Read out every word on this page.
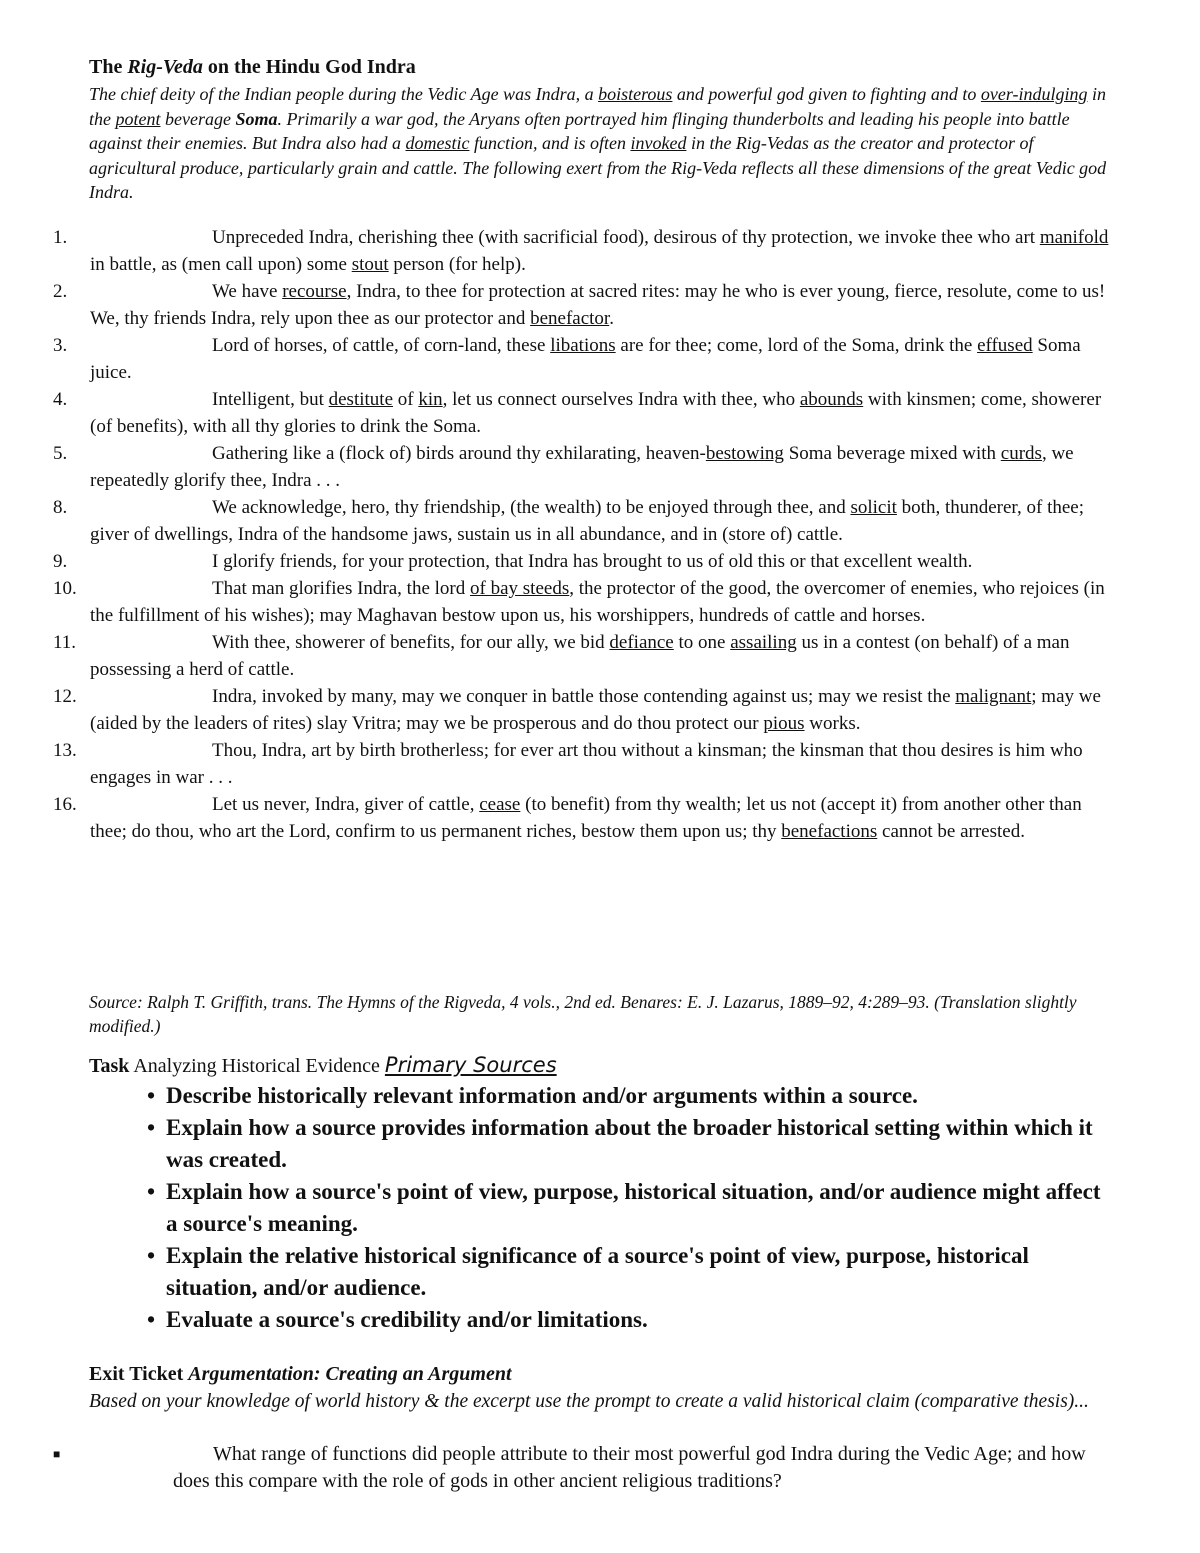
The Rig-Veda on the Hindu God Indra
The chief deity of the Indian people during the Vedic Age was Indra, a boisterous and powerful god given to fighting and to over-indulging in the potent beverage Soma. Primarily a war god, the Aryans often portrayed him flinging thunderbolts and leading his people into battle against their enemies. But Indra also had a domestic function, and is often invoked in the Rig-Vedas as the creator and protector of agricultural produce, particularly grain and cattle. The following exert from the Rig-Veda reflects all these dimensions of the great Vedic god Indra.
1.	Unpreceded Indra, cherishing thee (with sacrificial food), desirous of thy protection, we invoke thee who art manifold in battle, as (men call upon) some stout person (for help).
2.	We have recourse, Indra, to thee for protection at sacred rites: may he who is ever young, fierce, resolute, come to us! We, thy friends Indra, rely upon thee as our protector and benefactor.
3.	Lord of horses, of cattle, of corn-land, these libations are for thee; come, lord of the Soma, drink the effused Soma juice.
4.	Intelligent, but destitute of kin, let us connect ourselves Indra with thee, who abounds with kinsmen; come, showerer (of benefits), with all thy glories to drink the Soma.
5.	Gathering like a (flock of) birds around thy exhilarating, heaven-bestowing Soma beverage mixed with curds, we repeatedly glorify thee, Indra . . .
8.	We acknowledge, hero, thy friendship, (the wealth) to be enjoyed through thee, and solicit both, thunderer, of thee; giver of dwellings, Indra of the handsome jaws, sustain us in all abundance, and in (store of) cattle.
9.	I glorify friends, for your protection, that Indra has brought to us of old this or that excellent wealth.
10.	That man glorifies Indra, the lord of bay steeds, the protector of the good, the overcomer of enemies, who rejoices (in the fulfillment of his wishes); may Maghavan bestow upon us, his worshippers, hundreds of cattle and horses.
11.	With thee, showerer of benefits, for our ally, we bid defiance to one assailing us in a contest (on behalf) of a man possessing a herd of cattle.
12.	Indra, invoked by many, may we conquer in battle those contending against us; may we resist the malignant; may we (aided by the leaders of rites) slay Vritra; may we be prosperous and do thou protect our pious works.
13.	Thou, Indra, art by birth brotherless; for ever art thou without a kinsman; the kinsman that thou desires is him who engages in war . . .
16.	Let us never, Indra, giver of cattle, cease (to benefit) from thy wealth; let us not (accept it) from another other than thee; do thou, who art the Lord, confirm to us permanent riches, bestow them upon us; thy benefactions cannot be arrested.
Source: Ralph T. Griffith, trans. The Hymns of the Rigveda, 4 vols., 2nd ed. Benares: E. J. Lazarus, 1889–92, 4:289–93. (Translation slightly modified.)
Task Analyzing Historical Evidence Primary Sources
• Describe historically relevant information and/or arguments within a source.
• Explain how a source provides information about the broader historical setting within which it was created.
• Explain how a source's point of view, purpose, historical situation, and/or audience might affect a source's meaning.
• Explain the relative historical significance of a source's point of view, purpose, historical situation, and/or audience.
• Evaluate a source's credibility and/or limitations.
Exit Ticket Argumentation: Creating an Argument
Based on your knowledge of world history & the excerpt use the prompt to create a valid historical claim (comparative thesis)...
■	What range of functions did people attribute to their most powerful god Indra during the Vedic Age; and how does this compare with the role of gods in other ancient religious traditions?
